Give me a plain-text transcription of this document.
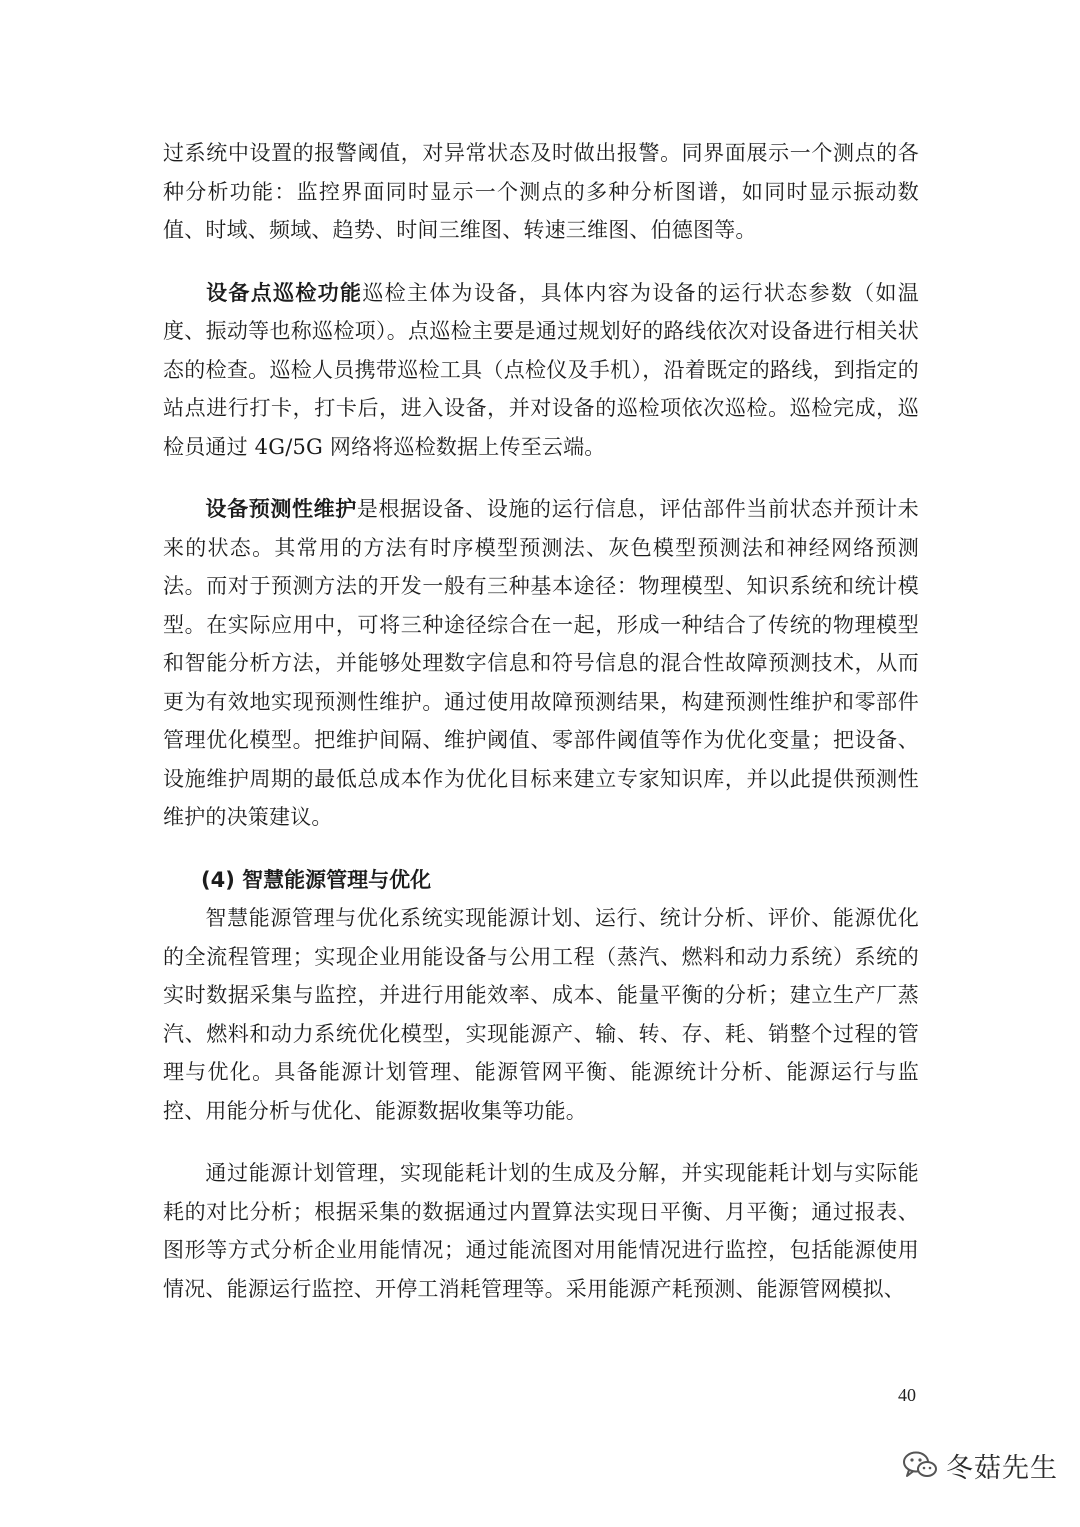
过系统中设置的报警阈值，对异常状态及时做出报警。同界面展示一个测点的各种分析功能：监控界面同时显示一个测点的多种分析图谱，如同时显示振动数值、时域、频域、趋势、时间三维图、转速三维图、伯德图等。

设备点巡检功能巡检主体为设备，具体内容为设备的运行状态参数（如温度、振动等也称巡检项）。点巡检主要是通过规划好的路线依次对设备进行相关状态的检查。巡检人员携带巡检工具（点检仪及手机），沿着既定的路线，到指定的站点进行打卡，打卡后，进入设备，并对设备的巡检项依次巡检。巡检完成，巡检员通过 4G/5G 网络将巡检数据上传至云端。

设备预测性维护是根据设备、设施的运行信息，评估部件当前状态并预计未来的状态。其常用的方法有时序模型预测法、灰色模型预测法和神经网络预测法。而对于预测方法的开发一般有三种基本途径：物理模型、知识系统和统计模型。在实际应用中，可将三种途径综合在一起，形成一种结合了传统的物理模型和智能分析方法，并能够处理数字信息和符号信息的混合性故障预测技术，从而更为有效地实现预测性维护。通过使用故障预测结果，构建预测性维护和零部件管理优化模型。把维护间隔、维护阈值、零部件阈值等作为优化变量；把设备、设施维护周期的最低总成本作为优化目标来建立专家知识库，并以此提供预测性维护的决策建议。

(4) 智慧能源管理与优化

智慧能源管理与优化系统实现能源计划、运行、统计分析、评价、能源优化的全流程管理；实现企业用能设备与公用工程（蒸汽、燃料和动力系统）系统的实时数据采集与监控，并进行用能效率、成本、能量平衡的分析；建立生产厂蒸汽、燃料和动力系统优化模型，实现能源产、输、转、存、耗、销整个过程的管理与优化。具备能源计划管理、能源管网平衡、能源统计分析、能源运行与监控、用能分析与优化、能源数据收集等功能。

通过能源计划管理，实现能耗计划的生成及分解，并实现能耗计划与实际能耗的对比分析；根据采集的数据通过内置算法实现日平衡、月平衡；通过报表、图形等方式分析企业用能情况；通过能流图对用能情况进行监控，包括能源使用情况、能源运行监控、开停工消耗管理等。采用能源产耗预测、能源管网模拟、

40
冬菇先生
